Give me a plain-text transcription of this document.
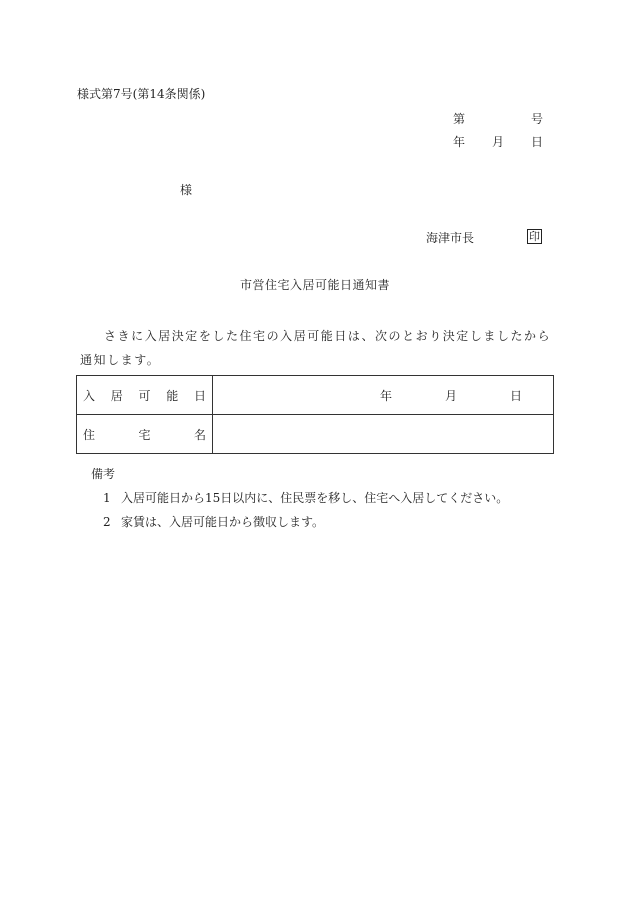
様式第7号(第14条関係)
第	号
年 月 日
様
海津市長	印
市営住宅入居可能日通知書
さきに入居決定をした住宅の入居可能日は、次のとおり決定しましたから通知します。
入居可能日	年 月 日

住宅名	
備考
1 入居可能日から15日以内に、住民票を移し、住宅へ入居してください。
2 家賃は、入居可能日から徴収します。
